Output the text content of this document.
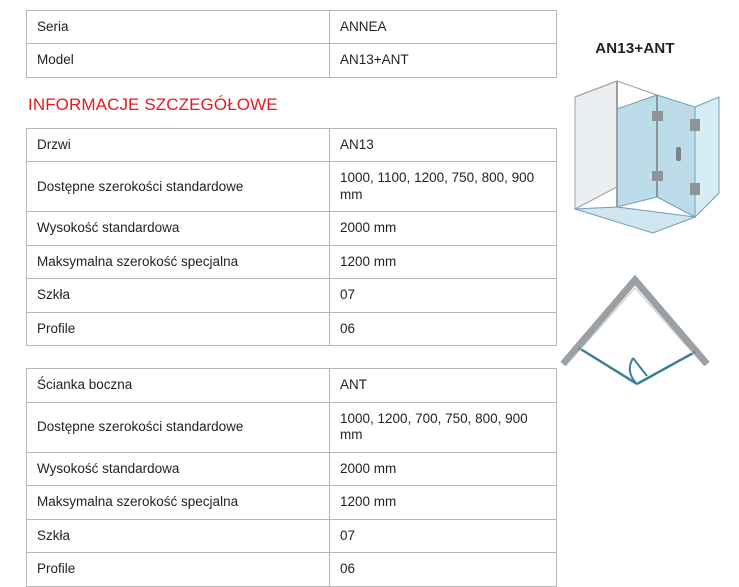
Seria	ANNEA
Model	AN13+ANT
INFORMACJE SZCZEGÓŁOWE
Drzwi	AN13
Dostępne szerokości standardowe	1000, 1100, 1200, 750, 800, 900 mm
Wysokość standardowa	2000 mm
Maksymalna szerokość specjalna	1200 mm
Szkła	07
Profile	06
Ścianka boczna	ANT
Dostępne szerokości standardowe	1000, 1200, 700, 750, 800, 900 mm
Wysokość standardowa	2000 mm
Maksymalna szerokość specjalna	1200 mm
Szkła	07
Profile	06
AN13+ANT
